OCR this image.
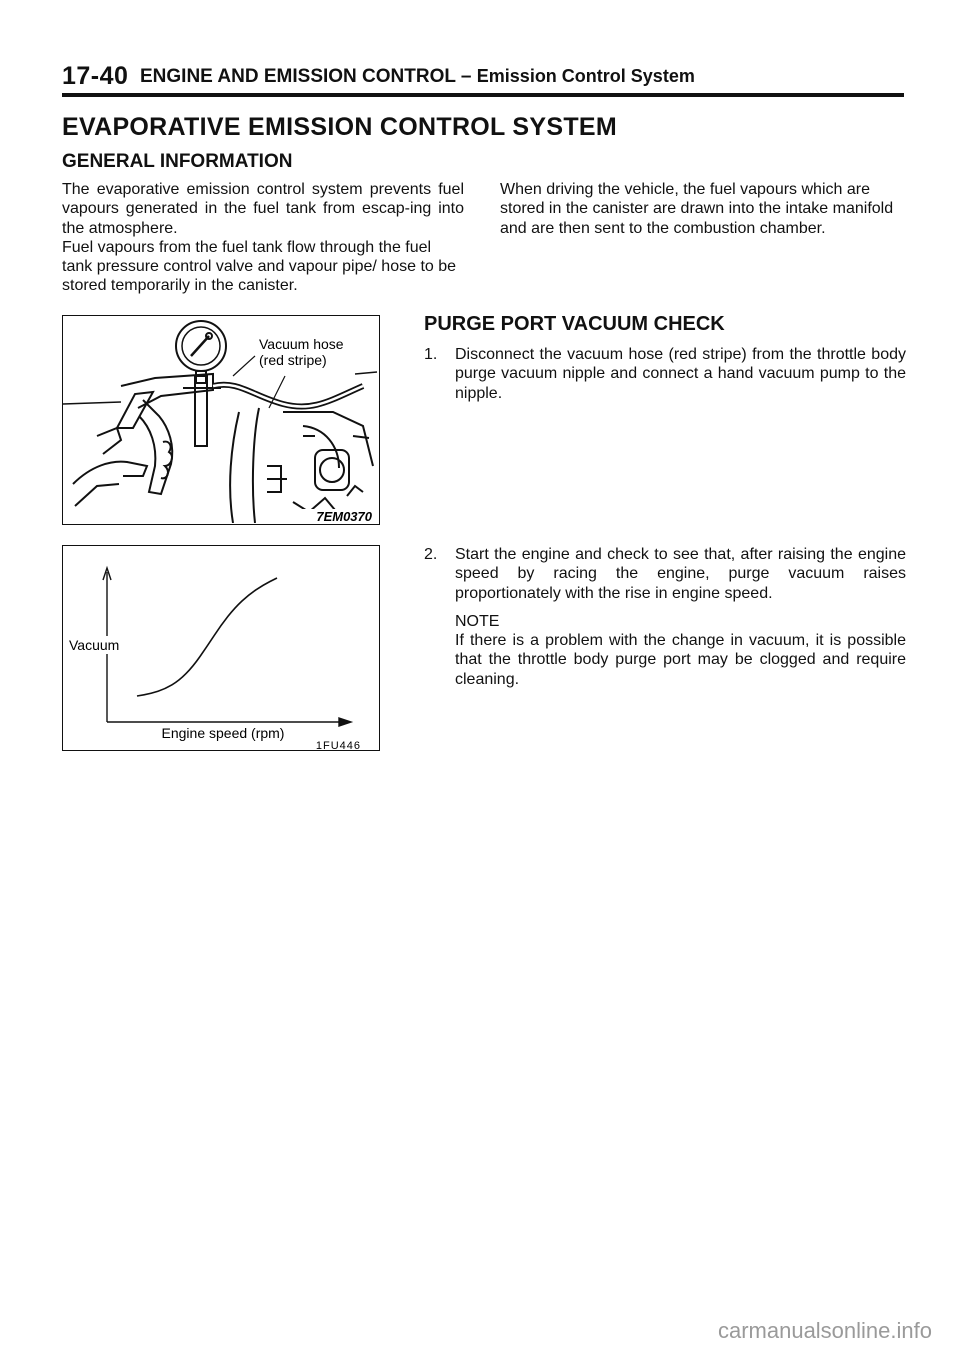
17-40 ENGINE AND EMISSION CONTROL – Emission Control System
EVAPORATIVE EMISSION CONTROL SYSTEM
GENERAL INFORMATION

The evaporative emission control system prevents fuel vapours generated in the fuel tank from escap-ing into the atmosphere.

Fuel vapours from the fuel tank flow through the fuel tank pressure control valve and vapour pipe/ hose to be stored temporarily in the canister.

When driving the vehicle, the fuel vapours which are stored in the canister are drawn into the intake manifold and are then sent to the combustion chamber.

Vacuum hose
(red stripe)
7EM0370
Vacuum
Engine speed (rpm)
1FU446
PURGE PORT VACUUM CHECK
1. Disconnect the vacuum hose (red stripe) from the throttle body purge vacuum nipple and connect a hand vacuum pump to the nipple.
2. Start the engine and check to see that, after raising the engine speed by racing the engine, purge vacuum raises proportionately with the rise in engine speed.
NOTE
If there is a problem with the change in vacuum, it is possible that the throttle body purge port may be clogged and require cleaning.
carmanualsonline.info
